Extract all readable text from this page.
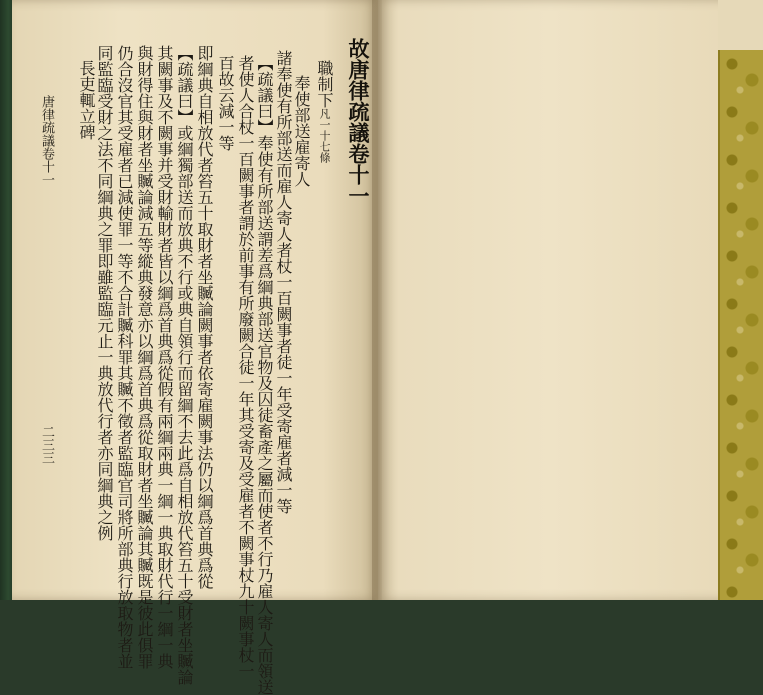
故唐律疏議卷十一
職制下凡一十七條
奉使部送雇寄人
諸奉使有所部送而雇人寄人者杖一百闕事者徒一年受寄雇者減一等
【疏議曰】奉使有所部送謂差爲綱典部送官物及囚徒畜產之屬而使者不行乃雇人寄人而領送
者使人合杖一百闕事者謂於前事有所廢闕合徒一年其受寄及受雇者不闕事杖九十闕事杖一
百故云減一等
即綱典自相放代者笞五十取財者坐贓論闕事者依寄雇闕事法仍以綱爲首典爲從
【疏議曰】或綱獨部送而放典不行或典自領行而留綱不去此爲自相放代笞五十受財者坐贓論
其闕事及不闕事并受財輸財者皆以綱爲首典爲從假有兩綱兩典一綱一典取財代行一綱一典
與財得住與財者坐贓論減五等縱典發意亦以綱爲首典爲從取財者坐贓論其贓既是彼此俱罪
仍合沒官其受雇者已減使罪一等不合計贓科罪其贓不徵者監臨官司將所部典行放取物者並
同監臨受財之法不同綱典之罪即雖監臨元止一典放代行者亦同綱典之例
長吏輒立碑
唐律疏議卷十一
二三三
